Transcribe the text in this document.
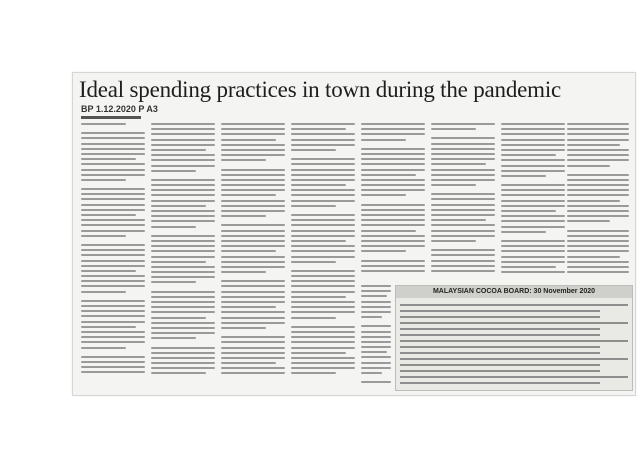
Ideal spending practices in town during the pandemic
BP 1.12.2020 P A3
MALAYSIAN COCOA BOARD: 30 November 2020
